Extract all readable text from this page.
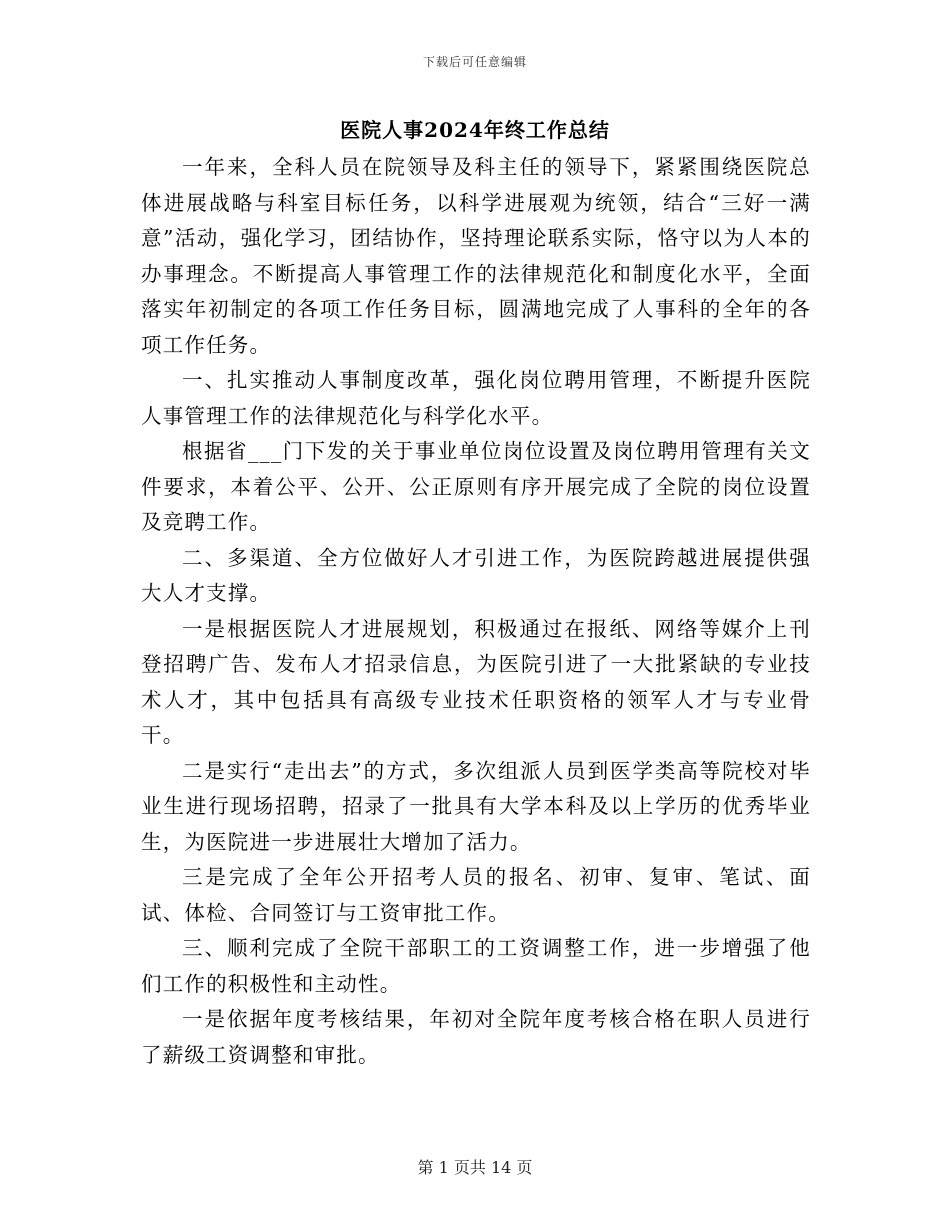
下载后可任意编辑
医院人事2024年终工作总结

一年来，全科人员在院领导及科主任的领导下，紧紧围绕医院总体进展战略与科室目标任务，以科学进展观为统领，结合“三好一满意”活动，强化学习，团结协作，坚持理论联系实际，恪守以为人本的办事理念。不断提高人事管理工作的法律规范化和制度化水平，全面落实年初制定的各项工作任务目标，圆满地完成了人事科的全年的各项工作任务。

一、扎实推动人事制度改革，强化岗位聘用管理，不断提升医院人事管理工作的法律规范化与科学化水平。

根据省___门下发的关于事业单位岗位设置及岗位聘用管理有关文件要求，本着公平、公开、公正原则有序开展完成了全院的岗位设置及竞聘工作。

二、多渠道、全方位做好人才引进工作，为医院跨越进展提供强大人才支撑。

一是根据医院人才进展规划，积极通过在报纸、网络等媒介上刊登招聘广告、发布人才招录信息，为医院引进了一大批紧缺的专业技术人才，其中包括具有高级专业技术任职资格的领军人才与专业骨干。

二是实行“走出去”的方式，多次组派人员到医学类高等院校对毕业生进行现场招聘，招录了一批具有大学本科及以上学历的优秀毕业生，为医院进一步进展壮大增加了活力。

三是完成了全年公开招考人员的报名、初审、复审、笔试、面试、体检、合同签订与工资审批工作。

三、顺利完成了全院干部职工的工资调整工作，进一步增强了他们工作的积极性和主动性。

一是依据年度考核结果，年初对全院年度考核合格在职人员进行了薪级工资调整和审批。

第 1 页共 14 页
